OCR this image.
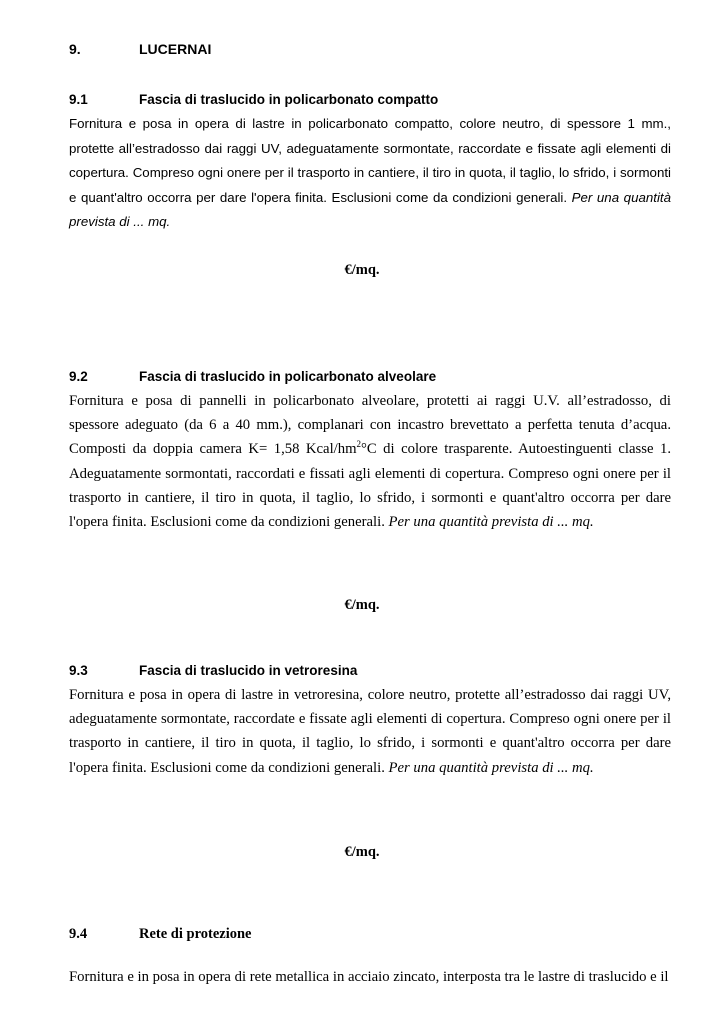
9.	LUCERNAI
9.1	Fascia di traslucido in policarbonato compatto

Fornitura e posa in opera di lastre in policarbonato compatto, colore neutro, di spessore 1 mm., protette all’estradosso dai raggi UV, adeguatamente sormontate, raccordate e fissate agli elementi di copertura. Compreso ogni onere per il trasporto in cantiere, il tiro in quota, il taglio, lo sfrido, i sormonti e quant'altro occorra per dare l'opera finita. Esclusioni come da condizioni generali. Per una quantità prevista di ... mq.

€/mq.
9.2	Fascia di traslucido in policarbonato alveolare

Fornitura e posa di pannelli in policarbonato alveolare, protetti ai raggi U.V. all’estradosso, di spessore adeguato (da 6 a 40 mm.), complanari con incastro brevettato a perfetta tenuta d’acqua. Composti da doppia camera K= 1,58 Kcal/$hm^2^\circ C$ di colore trasparente. Autoestinguenti classe 1. Adeguatamente sormontati, raccordati e fissati agli elementi di copertura. Compreso ogni onere per il trasporto in cantiere, il tiro in quota, il taglio, lo sfrido, i sormonti e quant'altro occorra per dare l'opera finita. Esclusioni come da condizioni generali. Per una quantità prevista di ... mq.

€/mq.
9.3	Fascia di traslucido in vetroresina

Fornitura e posa in opera di lastre in vetroresina, colore neutro, protette all’estradosso dai raggi UV, adeguatamente sormontate, raccordate e fissate agli elementi di copertura. Compreso ogni onere per il trasporto in cantiere, il tiro in quota, il taglio, lo sfrido, i sormonti e quant'altro occorra per dare l'opera finita. Esclusioni come da condizioni generali. Per una quantità prevista di ... mq.

€/mq.
9.4	Rete di protezione

Fornitura e in posa in opera di rete metallica in acciaio zincato, interposta tra le lastre di traslucido e il
